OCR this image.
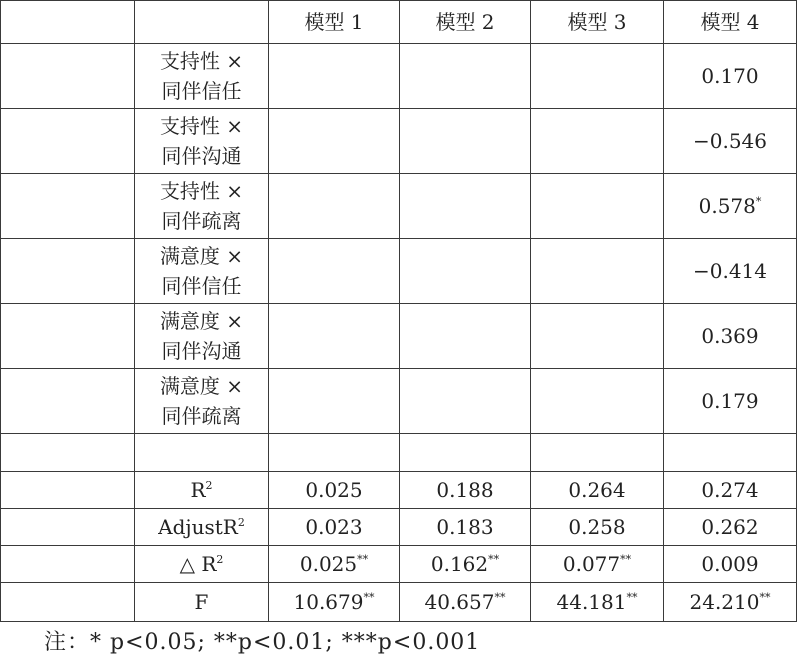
		模型 1	模型 2	模型 3	模型 4

	支持性 ×
同伴信任				0.170

	支持性 ×
同伴沟通				−0.546

	支持性 ×
同伴疏离				0.578*

	满意度 ×
同伴信任				−0.414

	满意度 ×
同伴沟通				0.369

	满意度 ×
同伴疏离				0.179

	$R^2$	0.025	0.188	0.264	0.274
	AdjustR$^2$	0.023	0.183	0.258	0.262
	△ $R^2$	0.025**	0.162**	0.077**	0.009
	F	10.679**	40.657**	44.181**	24.210**
注：* p<0.05; **p<0.01; ***p<0.001
